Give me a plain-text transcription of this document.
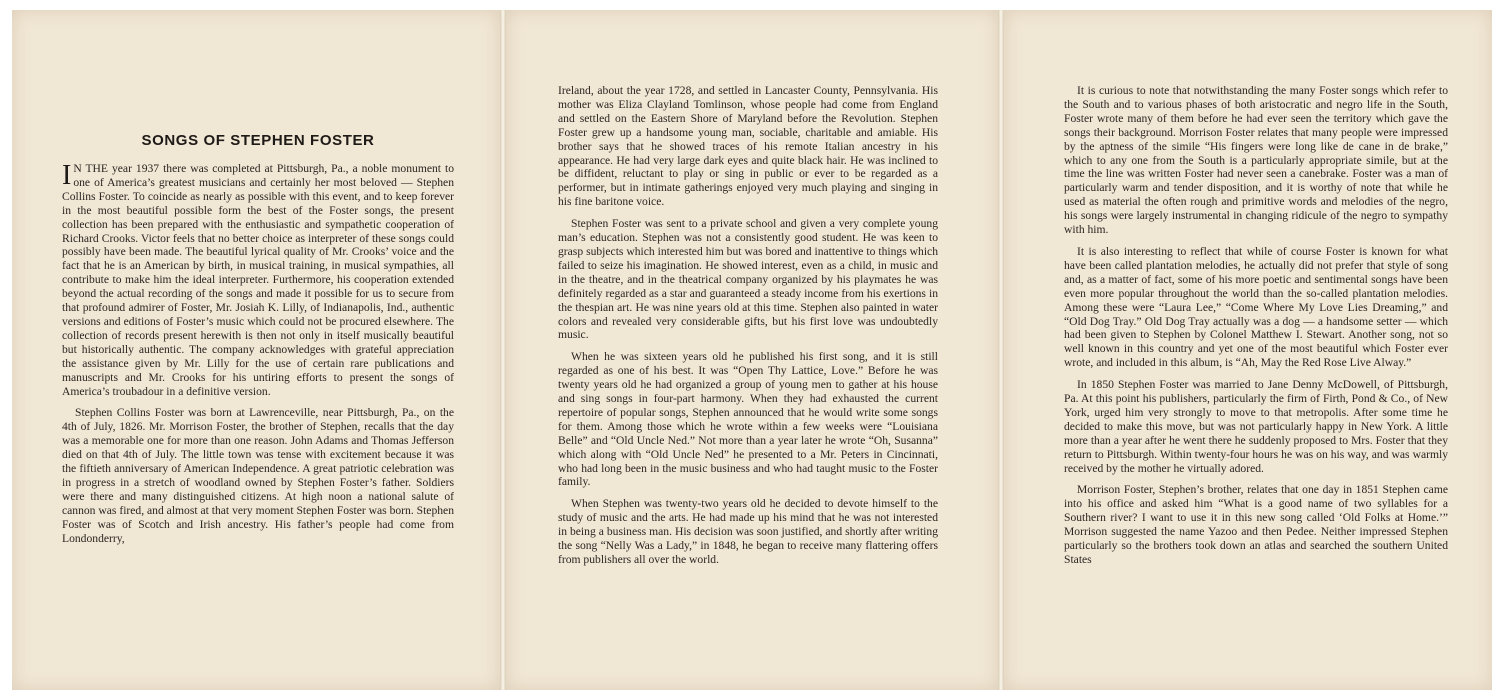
SONGS OF STEPHEN FOSTER

I N THE year 1937 there was completed at Pittsburgh, Pa., a noble monument to one of America’s greatest musicians and certainly her most beloved — Stephen Collins Foster. To coincide as nearly as possible with this event, and to keep forever in the most beautiful possible form the best of the Foster songs, the present collection has been prepared with the enthusiastic and sympathetic cooperation of Richard Crooks. Victor feels that no better choice as interpreter of these songs could possibly have been made. The beautiful lyrical quality of Mr. Crooks’ voice and the fact that he is an American by birth, in musical training, in musical sympathies, all contribute to make him the ideal interpreter. Furthermore, his cooperation extended beyond the actual recording of the songs and made it possible for us to secure from that profound admirer of Foster, Mr. Josiah K. Lilly, of Indianapolis, Ind., authentic versions and editions of Foster’s music which could not be procured elsewhere. The collection of records present herewith is then not only in itself musically beautiful but historically authentic. The company acknowledges with grateful appreciation the assistance given by Mr. Lilly for the use of certain rare publications and manuscripts and Mr. Crooks for his untiring efforts to present the songs of America’s troubadour in a definitive version.

Stephen Collins Foster was born at Lawrenceville, near Pittsburgh, Pa., on the 4th of July, 1826. Mr. Morrison Foster, the brother of Stephen, recalls that the day was a memorable one for more than one reason. John Adams and Thomas Jefferson died on that 4th of July. The little town was tense with excitement because it was the fiftieth anniversary of American Independence. A great patriotic celebration was in progress in a stretch of woodland owned by Stephen Foster’s father. Soldiers were there and many distinguished citizens. At high noon a national salute of cannon was fired, and almost at that very moment Stephen Foster was born. Stephen Foster was of Scotch and Irish ancestry. His father’s people had come from Londonderry,

Ireland, about the year 1728, and settled in Lancaster County, Pennsylvania. His mother was Eliza Clayland Tomlinson, whose people had come from England and settled on the Eastern Shore of Maryland before the Revolution. Stephen Foster grew up a handsome young man, sociable, charitable and amiable. His brother says that he showed traces of his remote Italian ancestry in his appearance. He had very large dark eyes and quite black hair. He was inclined to be diffident, reluctant to play or sing in public or ever to be regarded as a performer, but in intimate gatherings enjoyed very much playing and singing in his fine baritone voice.

Stephen Foster was sent to a private school and given a very complete young man’s education. Stephen was not a consistently good student. He was keen to grasp subjects which interested him but was bored and inattentive to things which failed to seize his imagination. He showed interest, even as a child, in music and in the theatre, and in the theatrical company organized by his playmates he was definitely regarded as a star and guaranteed a steady income from his exertions in the thespian art. He was nine years old at this time. Stephen also painted in water colors and revealed very considerable gifts, but his first love was undoubtedly music.

When he was sixteen years old he published his first song, and it is still regarded as one of his best. It was “Open Thy Lattice, Love.” Before he was twenty years old he had organized a group of young men to gather at his house and sing songs in four-part harmony. When they had exhausted the current repertoire of popular songs, Stephen announced that he would write some songs for them. Among those which he wrote within a few weeks were “Louisiana Belle” and “Old Uncle Ned.” Not more than a year later he wrote “Oh, Susanna” which along with “Old Uncle Ned” he presented to a Mr. Peters in Cincinnati, who had long been in the music business and who had taught music to the Foster family.

When Stephen was twenty-two years old he decided to devote himself to the study of music and the arts. He had made up his mind that he was not interested in being a business man. His decision was soon justified, and shortly after writing the song “Nelly Was a Lady,” in 1848, he began to receive many flattering offers from publishers all over the world.

It is curious to note that notwithstanding the many Foster songs which refer to the South and to various phases of both aristocratic and negro life in the South, Foster wrote many of them before he had ever seen the territory which gave the songs their background. Morrison Foster relates that many people were impressed by the aptness of the simile “His fingers were long like de cane in de brake,” which to any one from the South is a particularly appropriate simile, but at the time the line was written Foster had never seen a canebrake. Foster was a man of particularly warm and tender disposition, and it is worthy of note that while he used as material the often rough and primitive words and melodies of the negro, his songs were largely instrumental in changing ridicule of the negro to sympathy with him.

It is also interesting to reflect that while of course Foster is known for what have been called plantation melodies, he actually did not prefer that style of song and, as a matter of fact, some of his more poetic and sentimental songs have been even more popular throughout the world than the so-called plantation melodies. Among these were “Laura Lee,” “Come Where My Love Lies Dreaming,” and “Old Dog Tray.” Old Dog Tray actually was a dog — a handsome setter — which had been given to Stephen by Colonel Matthew I. Stewart. Another song, not so well known in this country and yet one of the most beautiful which Foster ever wrote, and included in this album, is “Ah, May the Red Rose Live Alway.”

In 1850 Stephen Foster was married to Jane Denny McDowell, of Pittsburgh, Pa. At this point his publishers, particularly the firm of Firth, Pond & Co., of New York, urged him very strongly to move to that metropolis. After some time he decided to make this move, but was not particularly happy in New York. A little more than a year after he went there he suddenly proposed to Mrs. Foster that they return to Pittsburgh. Within twenty-four hours he was on his way, and was warmly received by the mother he virtually adored.

Morrison Foster, Stephen’s brother, relates that one day in 1851 Stephen came into his office and asked him “What is a good name of two syllables for a Southern river? I want to use it in this new song called ‘Old Folks at Home.’” Morrison suggested the name Yazoo and then Pedee. Neither impressed Stephen particularly so the brothers took down an atlas and searched the southern United States
